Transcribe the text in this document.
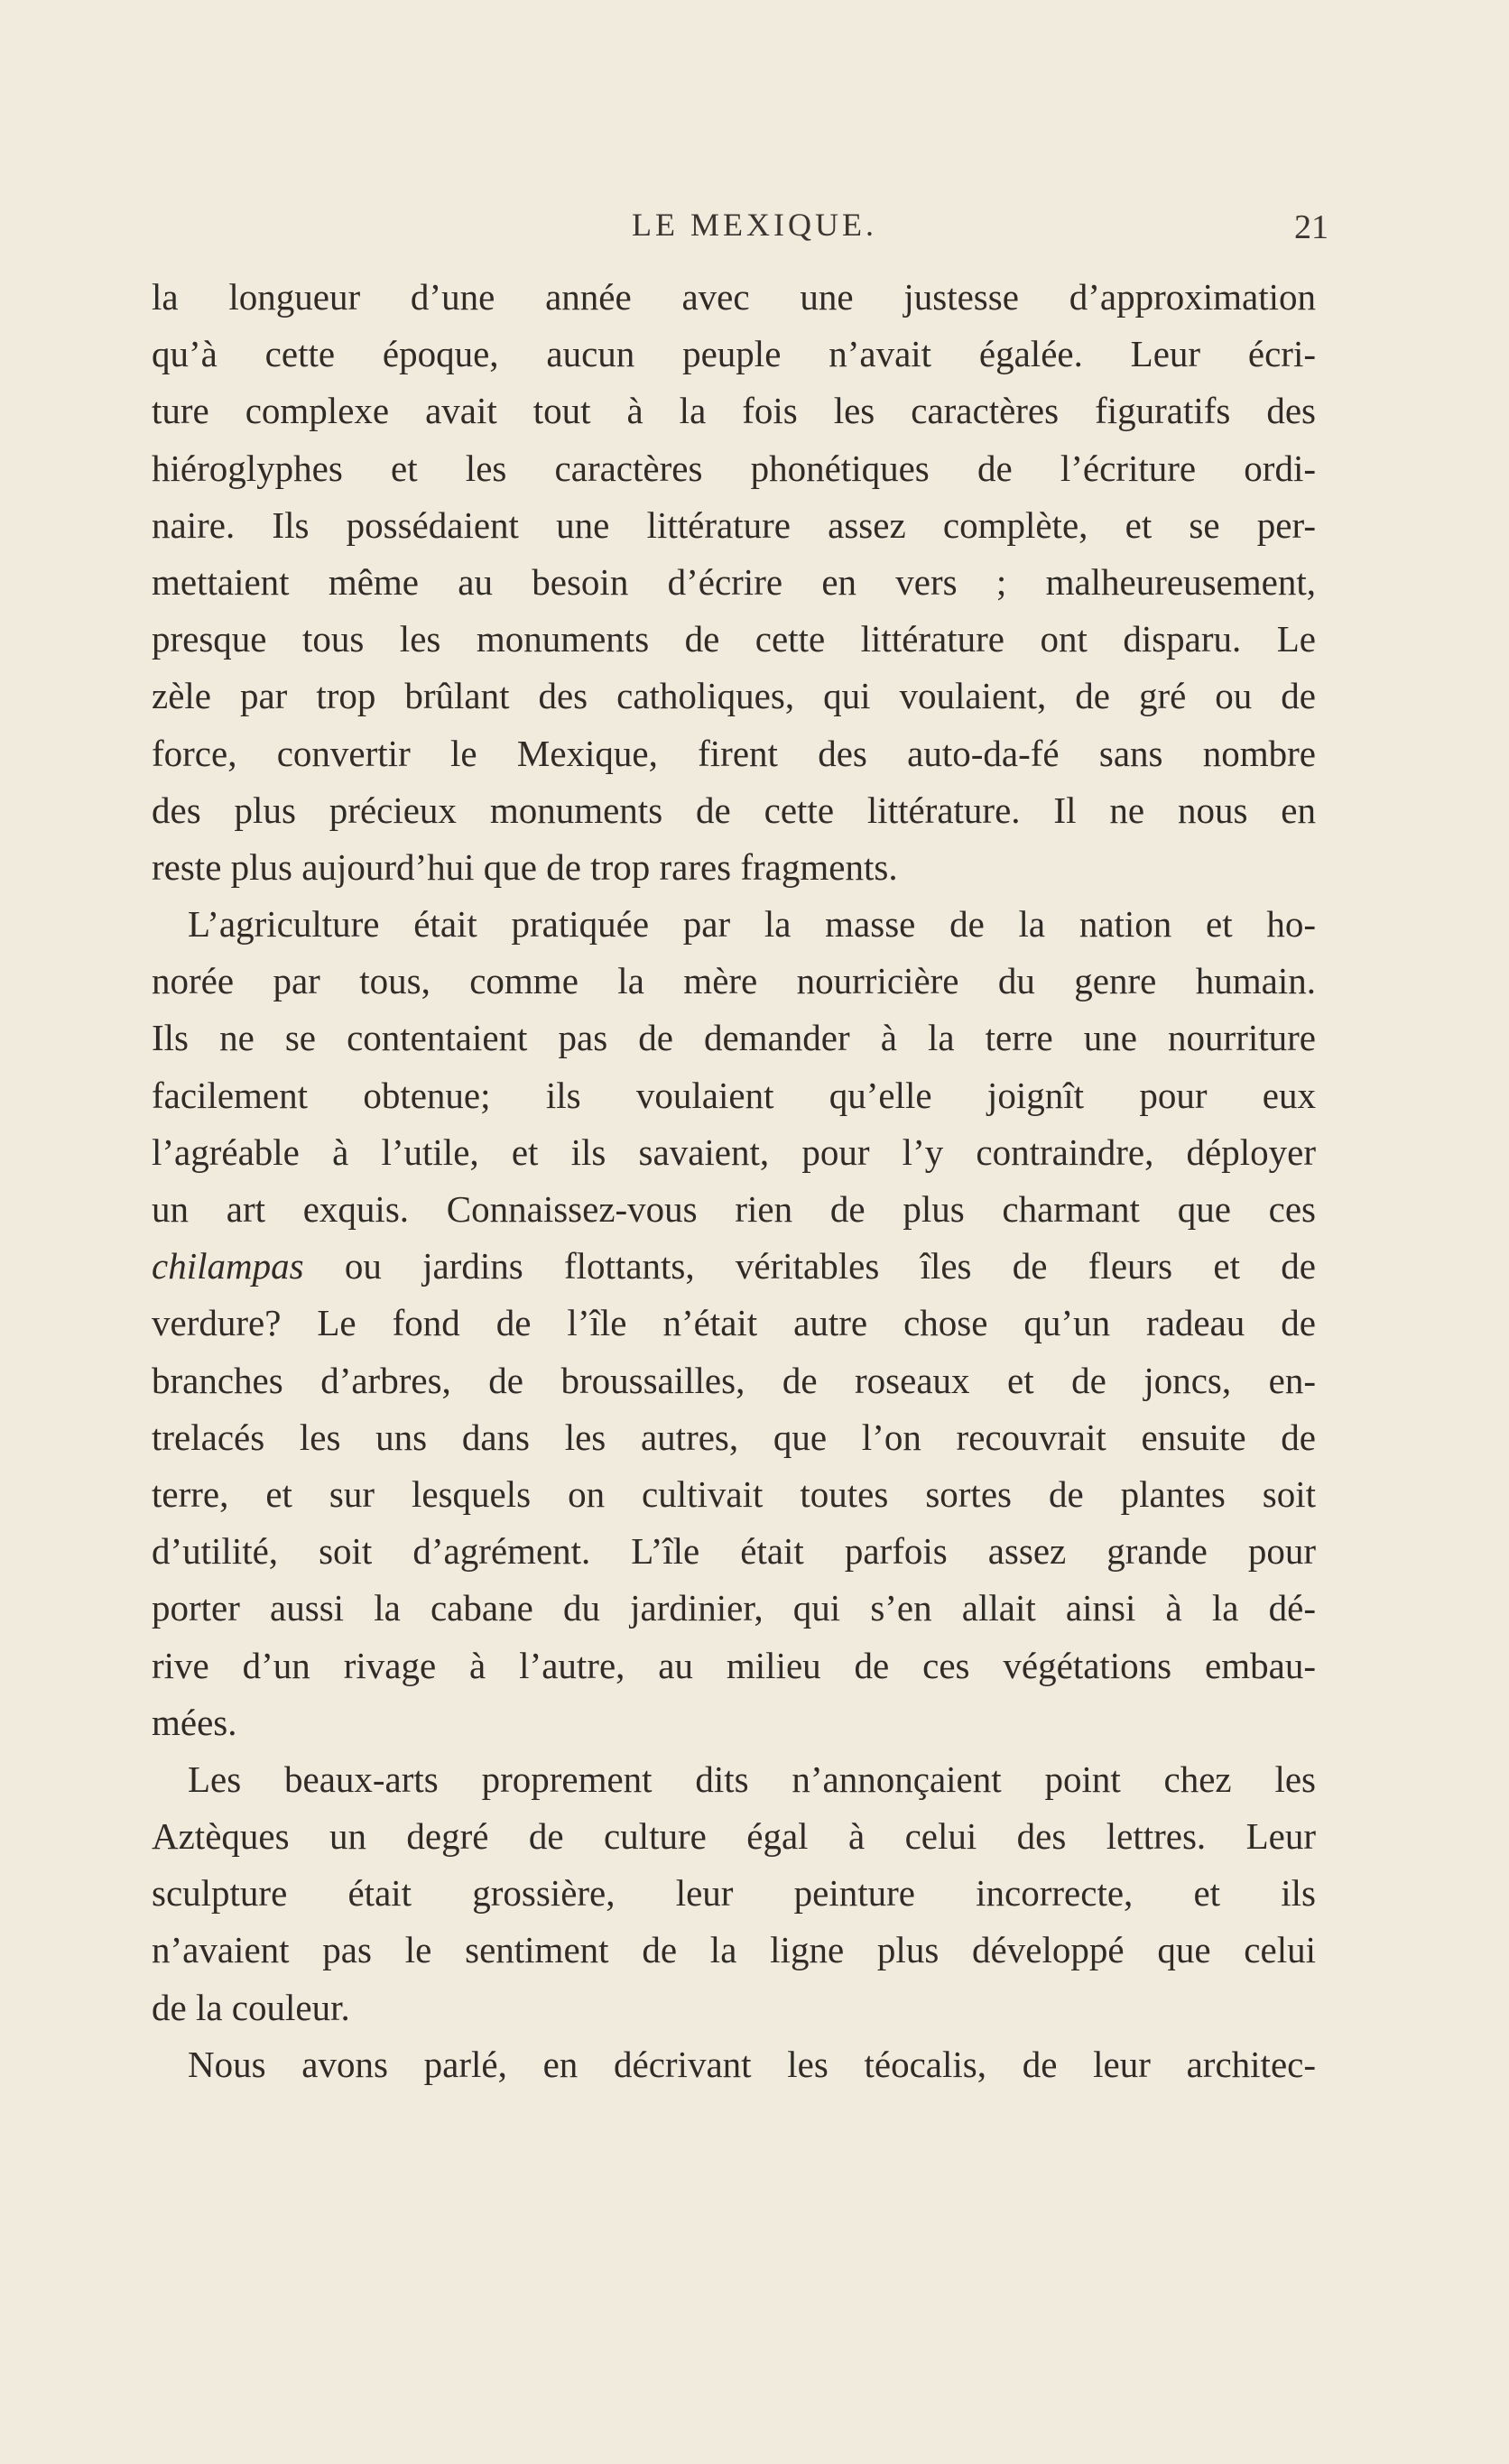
LE MEXIQUE.	21
la longueur d’une année avec une justesse d’approximation
qu’à cette époque, aucun peuple n’avait égalée. Leur écri-
ture complexe avait tout à la fois les caractères figuratifs des
hiéroglyphes et les caractères phonétiques de l’écriture ordi-
naire. Ils possédaient une littérature assez complète, et se per-
mettaient même au besoin d’écrire en vers ; malheureusement,
presque tous les monuments de cette littérature ont disparu. Le
zèle par trop brûlant des catholiques, qui voulaient, de gré ou de
force, convertir le Mexique, firent des auto-da-fé sans nombre
des plus précieux monuments de cette littérature. Il ne nous en
reste plus aujourd’hui que de trop rares fragments.
L’agriculture était pratiquée par la masse de la nation et ho-
norée par tous, comme la mère nourricière du genre humain.
Ils ne se contentaient pas de demander à la terre une nourriture
facilement obtenue; ils voulaient qu’elle joignît pour eux
l’agréable à l’utile, et ils savaient, pour l’y contraindre, déployer
un art exquis. Connaissez-vous rien de plus charmant que ces
chilampas ou jardins flottants, véritables îles de fleurs et de
verdure? Le fond de l’île n’était autre chose qu’un radeau de
branches d’arbres, de broussailles, de roseaux et de joncs, en-
trelacés les uns dans les autres, que l’on recouvrait ensuite de
terre, et sur lesquels on cultivait toutes sortes de plantes soit
d’utilité, soit d’agrément. L’île était parfois assez grande pour
porter aussi la cabane du jardinier, qui s’en allait ainsi à la dé-
rive d’un rivage à l’autre, au milieu de ces végétations embau-
mées.
Les beaux-arts proprement dits n’annonçaient point chez les
Aztèques un degré de culture égal à celui des lettres. Leur
sculpture était grossière, leur peinture incorrecte, et ils
n’avaient pas le sentiment de la ligne plus développé que celui
de la couleur.
Nous avons parlé, en décrivant les téocalis, de leur architec-
